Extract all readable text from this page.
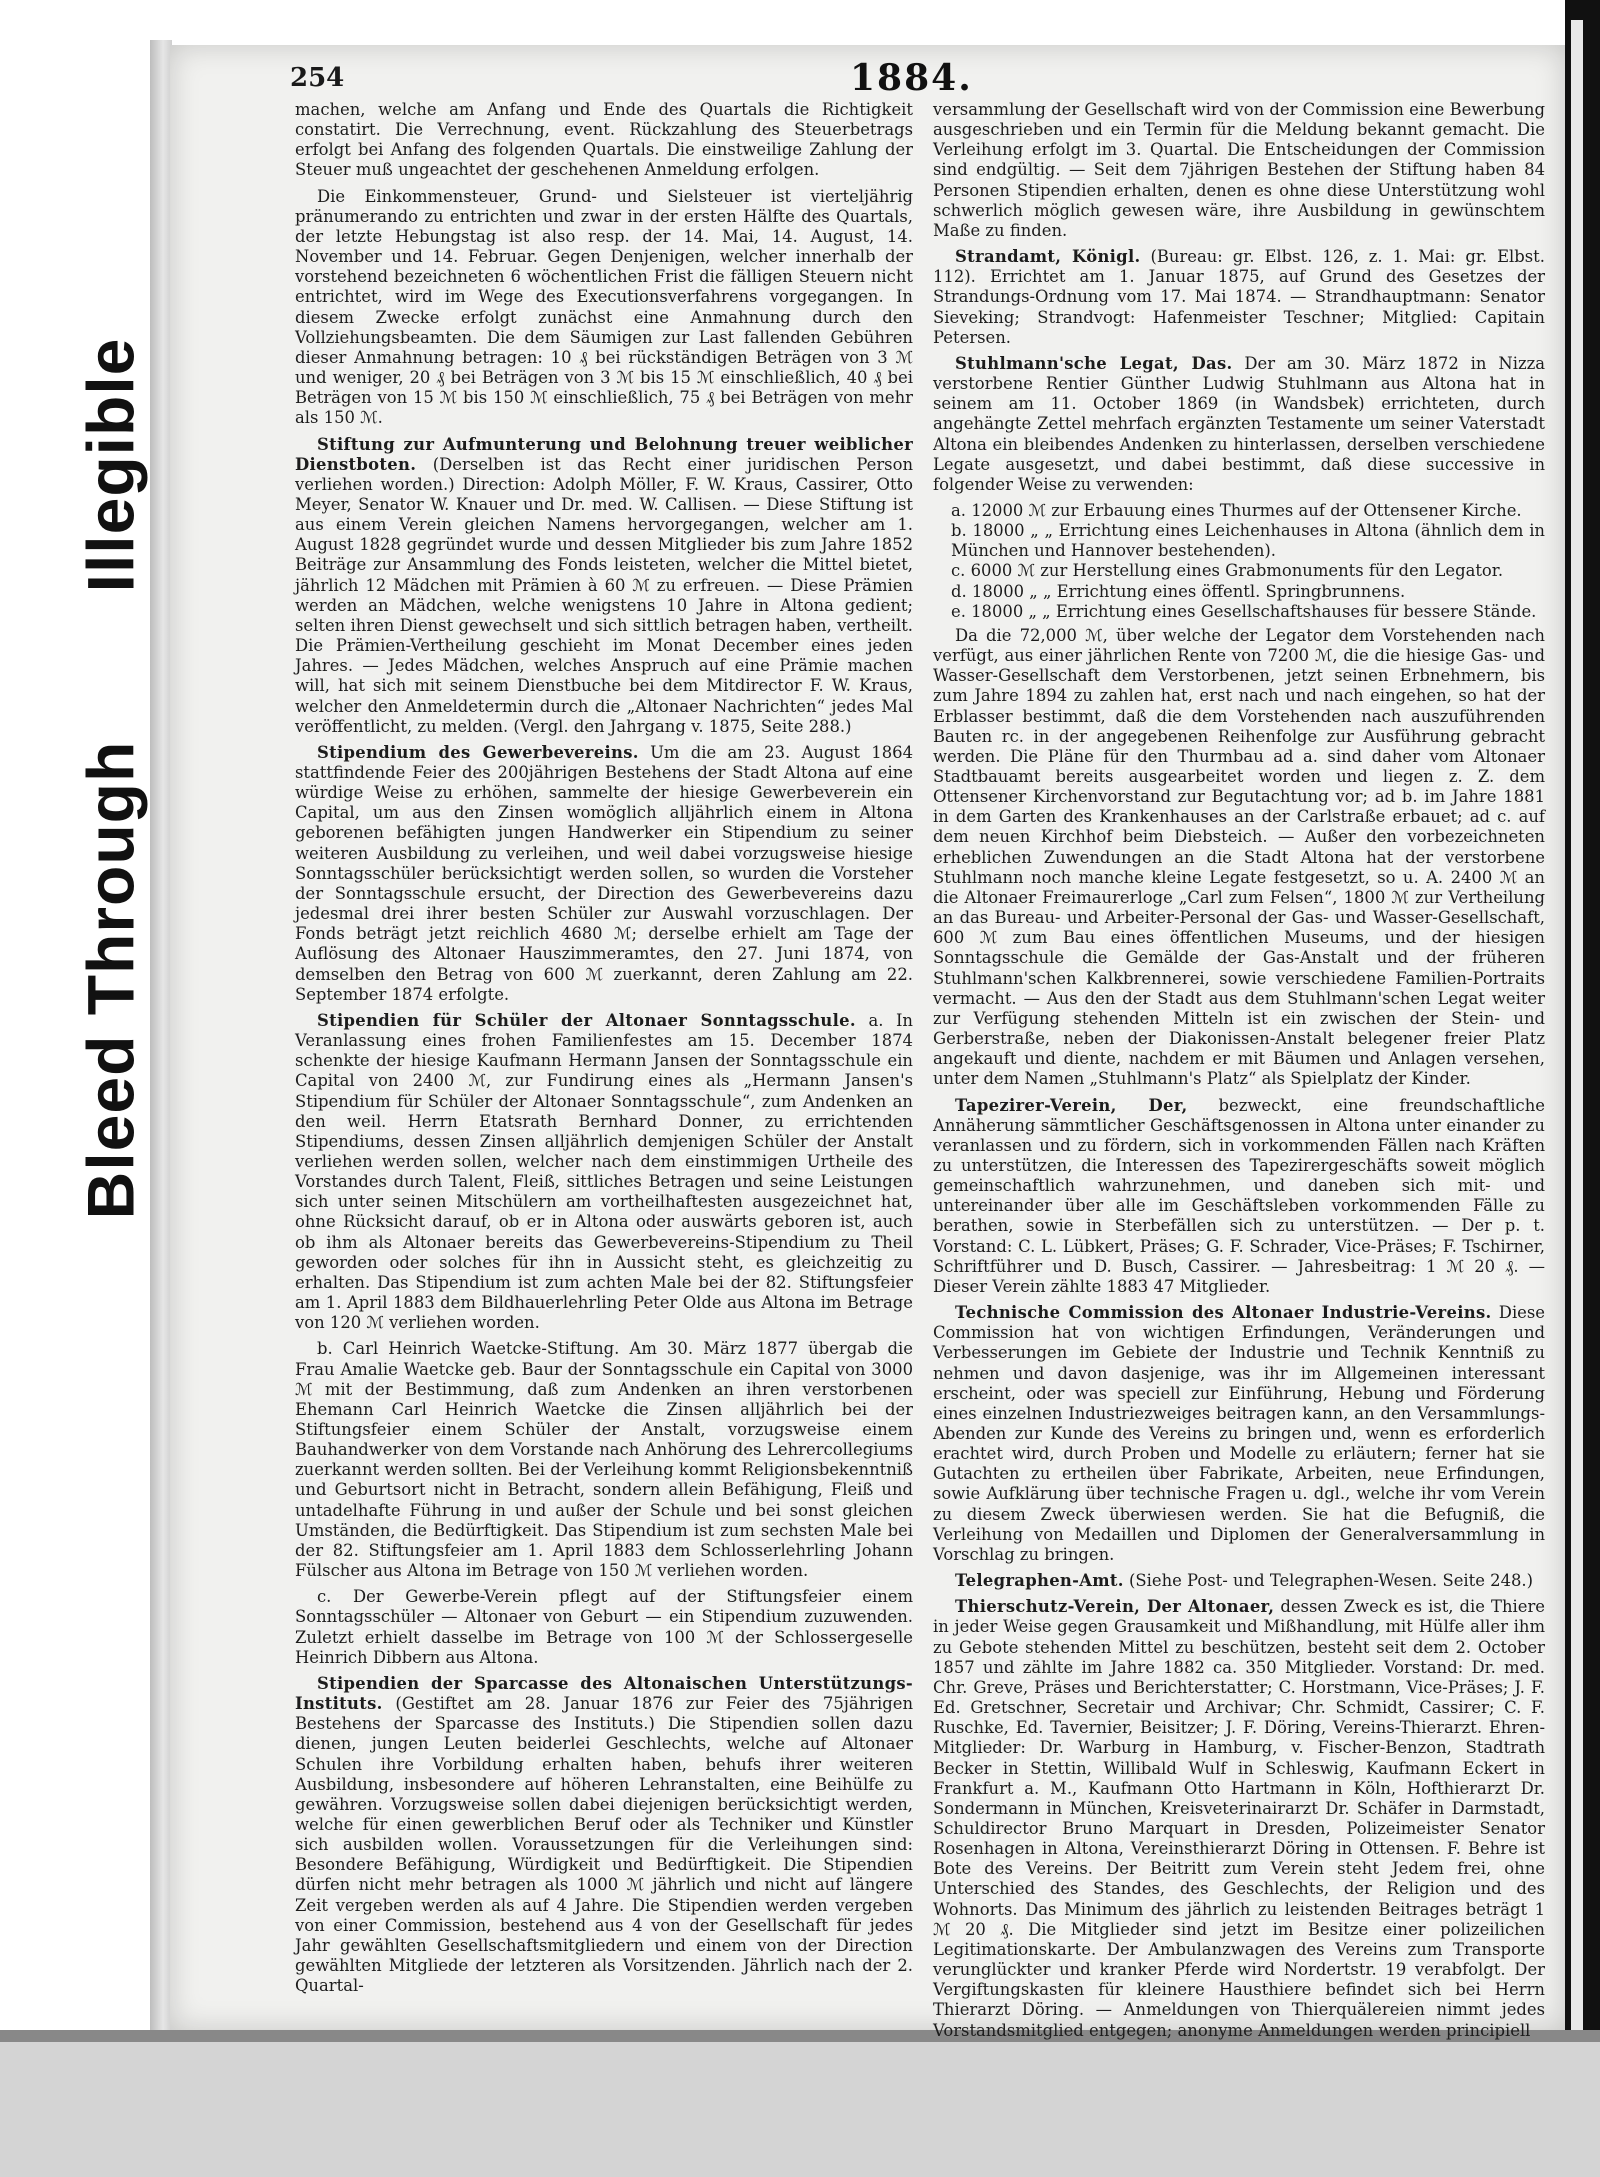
Illegible
Bleed Through
254	1884.

machen, welche am Anfang und Ende des Quartals die Richtigkeit constatirt. Die Verrechnung, event. Rückzahlung des Steuerbetrags erfolgt bei Anfang des folgenden Quartals. Die einstweilige Zahlung der Steuer muß ungeachtet der geschehenen Anmeldung erfolgen.

Die Einkommensteuer, Grund- und Sielsteuer ist vierteljährig pränumerando zu entrichten und zwar in der ersten Hälfte des Quartals, der letzte Hebungstag ist also resp. der 14. Mai, 14. August, 14. November und 14. Februar. Gegen Denjenigen, welcher innerhalb der vorstehend bezeichneten 6 wöchentlichen Frist die fälligen Steuern nicht entrichtet, wird im Wege des Executionsverfahrens vorgegangen. In diesem Zwecke erfolgt zunächst eine Anmahnung durch den Vollziehungsbeamten. Die dem Säumigen zur Last fallenden Gebühren dieser Anmahnung betragen: 10 ₰ bei rückständigen Beträgen von 3 ℳ und weniger, 20 ₰ bei Beträgen von 3 ℳ bis 15 ℳ einschließlich, 40 ₰ bei Beträgen von 15 ℳ bis 150 ℳ einschließlich, 75 ₰ bei Beträgen von mehr als 150 ℳ.

Stiftung zur Aufmunterung und Belohnung treuer weiblicher Dienstboten. (Derselben ist das Recht einer juridischen Person verliehen worden.) Direction: Adolph Möller, F. W. Kraus, Cassirer, Otto Meyer, Senator W. Knauer und Dr. med. W. Callisen. — Diese Stiftung ist aus einem Verein gleichen Namens hervorgegangen, welcher am 1. August 1828 gegründet wurde und dessen Mitglieder bis zum Jahre 1852 Beiträge zur Ansammlung des Fonds leisteten, welcher die Mittel bietet, jährlich 12 Mädchen mit Prämien à 60 ℳ zu erfreuen. — Diese Prämien werden an Mädchen, welche wenigstens 10 Jahre in Altona gedient; selten ihren Dienst gewechselt und sich sittlich betragen haben, vertheilt. Die Prämien-Vertheilung geschieht im Monat December eines jeden Jahres. — Jedes Mädchen, welches Anspruch auf eine Prämie machen will, hat sich mit seinem Dienstbuche bei dem Mitdirector F. W. Kraus, welcher den Anmeldetermin durch die „Altonaer Nachrichten“ jedes Mal veröffentlicht, zu melden. (Vergl. den Jahrgang v. 1875, Seite 288.)

Stipendium des Gewerbevereins. Um die am 23. August 1864 stattfindende Feier des 200jährigen Bestehens der Stadt Altona auf eine würdige Weise zu erhöhen, sammelte der hiesige Gewerbeverein ein Capital, um aus den Zinsen womöglich alljährlich einem in Altona geborenen befähigten jungen Handwerker ein Stipendium zu seiner weiteren Ausbildung zu verleihen, und weil dabei vorzugsweise hiesige Sonntagsschüler berücksichtigt werden sollen, so wurden die Vorsteher der Sonntagsschule ersucht, der Direction des Gewerbevereins dazu jedesmal drei ihrer besten Schüler zur Auswahl vorzuschlagen. Der Fonds beträgt jetzt reichlich 4680 ℳ; derselbe erhielt am Tage der Auflösung des Altonaer Hauszimmeramtes, den 27. Juni 1874, von demselben den Betrag von 600 ℳ zuerkannt, deren Zahlung am 22. September 1874 erfolgte.

Stipendien für Schüler der Altonaer Sonntagsschule. a. In Veranlassung eines frohen Familienfestes am 15. December 1874 schenkte der hiesige Kaufmann Hermann Jansen der Sonntagsschule ein Capital von 2400 ℳ, zur Fundirung eines als „Hermann Jansen's Stipendium für Schüler der Altonaer Sonntagsschule“, zum Andenken an den weil. Herrn Etatsrath Bernhard Donner, zu errichtenden Stipendiums, dessen Zinsen alljährlich demjenigen Schüler der Anstalt verliehen werden sollen, welcher nach dem einstimmigen Urtheile des Vorstandes durch Talent, Fleiß, sittliches Betragen und seine Leistungen sich unter seinen Mitschülern am vortheilhaftesten ausgezeichnet hat, ohne Rücksicht darauf, ob er in Altona oder auswärts geboren ist, auch ob ihm als Altonaer bereits das Gewerbevereins-Stipendium zu Theil geworden oder solches für ihn in Aussicht steht, es gleichzeitig zu erhalten. Das Stipendium ist zum achten Male bei der 82. Stiftungsfeier am 1. April 1883 dem Bildhauerlehrling Peter Olde aus Altona im Betrage von 120 ℳ verliehen worden.

b. Carl Heinrich Waetcke-Stiftung. Am 30. März 1877 übergab die Frau Amalie Waetcke geb. Baur der Sonntagsschule ein Capital von 3000 ℳ mit der Bestimmung, daß zum Andenken an ihren verstorbenen Ehemann Carl Heinrich Waetcke die Zinsen alljährlich bei der Stiftungsfeier einem Schüler der Anstalt, vorzugsweise einem Bauhandwerker von dem Vorstande nach Anhörung des Lehrercollegiums zuerkannt werden sollten. Bei der Verleihung kommt Religionsbekenntniß und Geburtsort nicht in Betracht, sondern allein Befähigung, Fleiß und untadelhafte Führung in und außer der Schule und bei sonst gleichen Umständen, die Bedürftigkeit. Das Stipendium ist zum sechsten Male bei der 82. Stiftungsfeier am 1. April 1883 dem Schlosserlehrling Johann Fülscher aus Altona im Betrage von 150 ℳ verliehen worden.

c. Der Gewerbe-Verein pflegt auf der Stiftungsfeier einem Sonntagsschüler — Altonaer von Geburt — ein Stipendium zuzuwenden. Zuletzt erhielt dasselbe im Betrage von 100 ℳ der Schlossergeselle Heinrich Dibbern aus Altona.

Stipendien der Sparcasse des Altonaischen Unterstützungs-Instituts. (Gestiftet am 28. Januar 1876 zur Feier des 75jährigen Bestehens der Sparcasse des Instituts.) Die Stipendien sollen dazu dienen, jungen Leuten beiderlei Geschlechts, welche auf Altonaer Schulen ihre Vorbildung erhalten haben, behufs ihrer weiteren Ausbildung, insbesondere auf höheren Lehranstalten, eine Beihülfe zu gewähren. Vorzugsweise sollen dabei diejenigen berücksichtigt werden, welche für einen gewerblichen Beruf oder als Techniker und Künstler sich ausbilden wollen. Voraussetzungen für die Verleihungen sind: Besondere Befähigung, Würdigkeit und Bedürftigkeit. Die Stipendien dürfen nicht mehr betragen als 1000 ℳ jährlich und nicht auf längere Zeit vergeben werden als auf 4 Jahre. Die Stipendien werden vergeben von einer Commission, bestehend aus 4 von der Gesellschaft für jedes Jahr gewählten Gesellschaftsmitgliedern und einem von der Direction gewählten Mitgliede der letzteren als Vorsitzenden. Jährlich nach der 2. Quartal-

versammlung der Gesellschaft wird von der Commission eine Bewerbung ausgeschrieben und ein Termin für die Meldung bekannt gemacht. Die Verleihung erfolgt im 3. Quartal. Die Entscheidungen der Commission sind endgültig. — Seit dem 7jährigen Bestehen der Stiftung haben 84 Personen Stipendien erhalten, denen es ohne diese Unterstützung wohl schwerlich möglich gewesen wäre, ihre Ausbildung in gewünschtem Maße zu finden.

Strandamt, Königl. (Bureau: gr. Elbst. 126, z. 1. Mai: gr. Elbst. 112). Errichtet am 1. Januar 1875, auf Grund des Gesetzes der Strandungs-Ordnung vom 17. Mai 1874. — Strandhauptmann: Senator Sieveking; Strandvogt: Hafenmeister Teschner; Mitglied: Capitain Petersen.

Stuhlmann'sche Legat, Das. Der am 30. März 1872 in Nizza verstorbene Rentier Günther Ludwig Stuhlmann aus Altona hat in seinem am 11. October 1869 (in Wandsbek) errichteten, durch angehängte Zettel mehrfach ergänzten Testamente um seiner Vaterstadt Altona ein bleibendes Andenken zu hinterlassen, derselben verschiedene Legate ausgesetzt, und dabei bestimmt, daß diese successive in folgender Weise zu verwenden:

a. 12000 ℳ zur Erbauung eines Thurmes auf der Ottensener Kirche.
b. 18000 „ „ Errichtung eines Leichenhauses in Altona (ähnlich dem in München und Hannover bestehenden).
c. 6000 ℳ zur Herstellung eines Grabmonuments für den Legator.
d. 18000 „ „ Errichtung eines öffentl. Springbrunnens.
e. 18000 „ „ Errichtung eines Gesellschaftshauses für bessere Stände.

Da die 72,000 ℳ, über welche der Legator dem Vorstehenden nach verfügt, aus einer jährlichen Rente von 7200 ℳ, die die hiesige Gas- und Wasser-Gesellschaft dem Verstorbenen, jetzt seinen Erbnehmern, bis zum Jahre 1894 zu zahlen hat, erst nach und nach eingehen, so hat der Erblasser bestimmt, daß die dem Vorstehenden nach auszuführenden Bauten rc. in der angegebenen Reihenfolge zur Ausführung gebracht werden. Die Pläne für den Thurmbau ad a. sind daher vom Altonaer Stadtbauamt bereits ausgearbeitet worden und liegen z. Z. dem Ottensener Kirchenvorstand zur Begutachtung vor; ad b. im Jahre 1881 in dem Garten des Krankenhauses an der Carlstraße erbauet; ad c. auf dem neuen Kirchhof beim Diebsteich. — Außer den vorbezeichneten erheblichen Zuwendungen an die Stadt Altona hat der verstorbene Stuhlmann noch manche kleine Legate festgesetzt, so u. A. 2400 ℳ an die Altonaer Freimaurerloge „Carl zum Felsen“, 1800 ℳ zur Vertheilung an das Bureau- und Arbeiter-Personal der Gas- und Wasser-Gesellschaft, 600 ℳ zum Bau eines öffentlichen Museums, und der hiesigen Sonntagsschule die Gemälde der Gas-Anstalt und der früheren Stuhlmann'schen Kalkbrennerei, sowie verschiedene Familien-Portraits vermacht. — Aus den der Stadt aus dem Stuhlmann'schen Legat weiter zur Verfügung stehenden Mitteln ist ein zwischen der Stein- und Gerberstraße, neben der Diakonissen-Anstalt belegener freier Platz angekauft und diente, nachdem er mit Bäumen und Anlagen versehen, unter dem Namen „Stuhlmann's Platz“ als Spielplatz der Kinder.

Tapezirer-Verein, Der, bezweckt, eine freundschaftliche Annäherung sämmtlicher Geschäftsgenossen in Altona unter einander zu veranlassen und zu fördern, sich in vorkommenden Fällen nach Kräften zu unterstützen, die Interessen des Tapezirergeschäfts soweit möglich gemeinschaftlich wahrzunehmen, und daneben sich mit- und untereinander über alle im Geschäftsleben vorkommenden Fälle zu berathen, sowie in Sterbefällen sich zu unterstützen. — Der p. t. Vorstand: C. L. Lübkert, Präses; G. F. Schrader, Vice-Präses; F. Tschirner, Schriftführer und D. Busch, Cassirer. — Jahresbeitrag: 1 ℳ 20 ₰. — Dieser Verein zählte 1883 47 Mitglieder.

Technische Commission des Altonaer Industrie-Vereins. Diese Commission hat von wichtigen Erfindungen, Veränderungen und Verbesserungen im Gebiete der Industrie und Technik Kenntniß zu nehmen und davon dasjenige, was ihr im Allgemeinen interessant erscheint, oder was speciell zur Einführung, Hebung und Förderung eines einzelnen Industriezweiges beitragen kann, an den Versammlungs-Abenden zur Kunde des Vereins zu bringen und, wenn es erforderlich erachtet wird, durch Proben und Modelle zu erläutern; ferner hat sie Gutachten zu ertheilen über Fabrikate, Arbeiten, neue Erfindungen, sowie Aufklärung über technische Fragen u. dgl., welche ihr vom Verein zu diesem Zweck überwiesen werden. Sie hat die Befugniß, die Verleihung von Medaillen und Diplomen der Generalversammlung in Vorschlag zu bringen.

Telegraphen-Amt. (Siehe Post- und Telegraphen-Wesen. Seite 248.)

Thierschutz-Verein, Der Altonaer, dessen Zweck es ist, die Thiere in jeder Weise gegen Grausamkeit und Mißhandlung, mit Hülfe aller ihm zu Gebote stehenden Mittel zu beschützen, besteht seit dem 2. October 1857 und zählte im Jahre 1882 ca. 350 Mitglieder. Vorstand: Dr. med. Chr. Greve, Präses und Berichterstatter; C. Horstmann, Vice-Präses; J. F. Ed. Gretschner, Secretair und Archivar; Chr. Schmidt, Cassirer; C. F. Ruschke, Ed. Tavernier, Beisitzer; J. F. Döring, Vereins-Thierarzt. Ehren-Mitglieder: Dr. Warburg in Hamburg, v. Fischer-Benzon, Stadtrath Becker in Stettin, Willibald Wulf in Schleswig, Kaufmann Eckert in Frankfurt a. M., Kaufmann Otto Hartmann in Köln, Hofthierarzt Dr. Sondermann in München, Kreisveterinairarzt Dr. Schäfer in Darmstadt, Schuldirector Bruno Marquart in Dresden, Polizeimeister Senator Rosenhagen in Altona, Vereinsthierarzt Döring in Ottensen. F. Behre ist Bote des Vereins. Der Beitritt zum Verein steht Jedem frei, ohne Unterschied des Standes, des Geschlechts, der Religion und des Wohnorts. Das Minimum des jährlich zu leistenden Beitrages beträgt 1 ℳ 20 ₰. Die Mitglieder sind jetzt im Besitze einer polizeilichen Legitimationskarte. Der Ambulanzwagen des Vereins zum Transporte verunglückter und kranker Pferde wird Nordertstr. 19 verabfolgt. Der Vergiftungskasten für kleinere Hausthiere befindet sich bei Herrn Thierarzt Döring. — Anmeldungen von Thierquälereien nimmt jedes Vorstandsmitglied entgegen; anonyme Anmeldungen werden principiell
